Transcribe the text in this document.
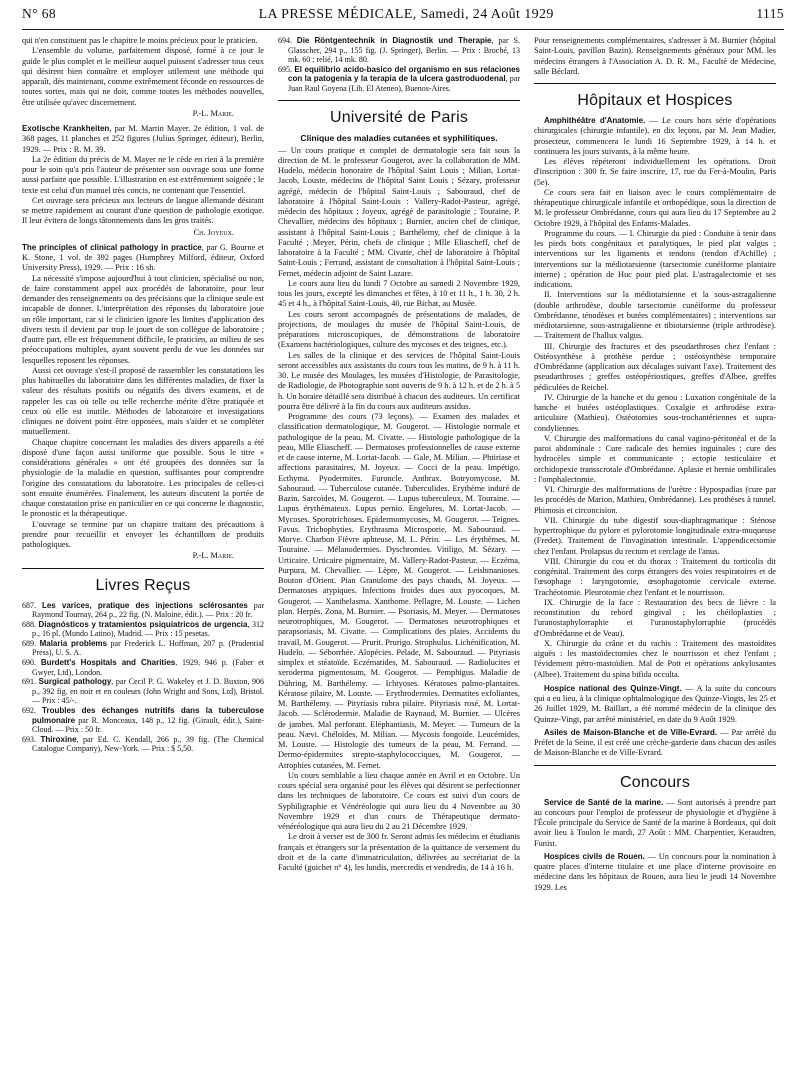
N° 68	LA PRESSE MÉDICALE, Samedi, 24 Août 1929	1115

qui n'en constituent pas le chapitre le moins précieux pour le praticien.

L'ensemble du volume, parfaitement disposé, formé à ce jour le guide le plus complet et le meilleur auquel puissent s'adresser tous ceux qui désirent bien connaître et employer utilement une méthode qui apparaît, dès maintenant, comme extrêmement féconde en ressources de toutes sortes, mais qui ne doit, comme toutes les méthodes nouvelles, être utilisée qu'avec discernement.

P.-L. Marie.

Exotische Krankheiten, par M. Martin Mayer. 2e édition, 1 vol. de 368 pages, 11 planches et 252 figures (Julius Springer, éditeur), Berlin, 1929. — Prix : R. M. 39.

La 2e édition du précis de M. Mayer ne le cède en rien à la première pour le soin qu'a pris l'auteur de présenter son ouvrage sous une forme aussi parfaite que possible. L'illustration en est extrêmement soignée ; le texte est celui d'un manuel très concis, ne contenant que l'essentiel.

Cet ouvrage sera précieux aux lecteurs de langue allemande désirant se mettre rapidement au courant d'une question de pathologie exotique. Il leur évitera de longs tâtonnements dans les gros traités.

Ch. Joyeux.

The principles of clinical pathology in practice, par G. Bourne et K. Stone, 1 vol. de 392 pages (Humphrey Milford, éditeur, Oxford University Press), 1929. — Prix : 16 sh.

La nécessité s'impose aujourd'hui à tout clinicien, spécialisé ou non, de faire constamment appel aux procédés de laboratoire, pour leur demander des renseignements ou des précisions que la clinique seule est incapable de donner. L'interprétation des réponses du laboratoire joue un rôle important, car si le clinicien ignore les limites d'application des divers tests il devient par trop le jouet de son collègue de laboratoire ; d'autre part, elle est fréquemment difficile, le praticien, au milieu de ses préoccupations multiples, ayant souvent perdu de vue les données sur lesquelles reposent les réponses.

Aussi cet ouvrage s'est-il proposé de rassembler les constatations les plus habituelles du laboratoire dans les différentes maladies, de fixer la valeur des résultats positifs ou négatifs des divers examens, et de rappeler les cas où telle ou telle recherche mérite d'être pratiquée et ceux où elle est inutile. Méthodes de laboratoire et investigations cliniques ne doivent point être opposées, mais s'aider et se compléter mutuellement.

Chaque chapitre concernant les maladies des divers appareils a été disposé d'une façon aussi uniforme que possible. Sous le titre « considérations générales » ont été groupées des données sur la physiologie de la maladie en question, suffisantes pour comprendre l'origine des constatations du laboratoire. Les principales de celles-ci sont ensuite énumérées. Finalement, les auteurs discutent la portée de chaque constatation prise en particulier en ce qui concerne le diagnostic, le pronostic et la thérapeutique.

L'ouvrage se termine par un chapitre traitant des précautions à prendre pour recueillir et envoyer les échantillons de produits pathologiques.

P.-L. Marie.
Livres Reçus
687. Les varices, pratique des injections sclérosantes par Raymond Tournay, 264 p., 22 fig. (N. Maloine, édit.). — Prix : 20 fr.
688. Diagnósticos y tratamientos psiquiatricos de urgencia, 312 p., 16 pl. (Mundo Latino), Madrid. — Prix : 15 pesetas.
689. Malaria problems par Frederick L. Hoffman, 207 p. (Prudential Press), U. S. A.
690. Burdett's Hospitals and Charities, 1929, 946 p. (Faber et Gwyer, Ltd), London.
691. Surgical pathology, par Cecil P. G. Wakeley et J. D. Buxton, 906 p., 392 fig. en noir et en couleurs (John Wright and Sons, Ltd), Bristol. — Prix : 45/-.
692. Troubles des échanges nutritifs dans la tuberculose pulmonaire par R. Monceaux, 148 p., 12 fig. (Girault, édit.), Saint-Cloud. — Prix : 50 fr.
693. Thiroxine, par Ed. C. Kendall, 266 p., 39 fig. (The Chemical Catalogue Company), New-York. — Prix : $ 5,50.
694. Die Röntgentechnik in Diagnostik und Therapie, par S. Glasscher, 294 p., 155 fig. (J. Springer), Berlin. — Prix : Broché, 13 mk. 60 ; relié, 14 mk. 80.
695. El equilibrio acido-basico del organismo en sus relaciones con la patogenia y la terapia de la ulcera gastroduodenal, par Juan Raul Goyena (Lib. El Ateneo), Buenos-Aires.
Université de Paris
Clinique des maladies cutanées et syphilitiques.

— Un cours pratique et complet de dermatologie sera fait sous la direction de M. le professeur Gougerot, avec la collaboration de MM. Hudelo, médecin honoraire de l'hôpital Saint Louis ; Milian, Lortat-Jacob, Louste, médecins de l'hôpital Saint Louis ; Sézary, professeur agrégé, médecin de l'hôpital Saint-Louis ; Sabouraud, chef de laboratoire à l'hôpital Saint-Louis : Vallery-Radot-Pasteur, agrégé, médecin des hôpitaux ; Joyeux, agrégé de parasitologie ; Touraine, P. Chevallier, médecins des hôpitaux ; Burnier, ancien chef de clinique, assistant à l'hôpital Saint-Louis ; Barthélemy, chef de clinique à la Faculté ; Meyer, Périn, chefs de clinique ; Mlle Eliascheff, chef de laboratoire à la Faculté ; MM. Civatte, chef de laboratoire à l'hôpital Saint-Louis ; Ferrand, assistant de consultation à l'hôpital Saint-Louis ; Fernet, médecin adjoint de Saint Lazare.

Le cours aura lieu du lundi 7 Octobre au samedi 2 Novembre 1929, tous les jours, excepté les dimanches et fêtes, à 10 et 11 h., 1 h. 30, 2 h. 45 et 4 h., à l'hôpital Saint-Louis, 40, rue Bichat, au Musée.

Les cours seront accompagnés de présentations de malades, de projections, de moulages du musée de l'hôpital Saint-Louis, de préparations microscopiques, de démonstrations de laboratoire (Examens bactériologiques, culture des mycoses et des teignes, etc.).

Les salles de la clinique et des services de l'hôpital Saint-Louis seront accessibles aux assistants du cours tous les matins, de 9 h. à 11 h. 30. Le musée des Moulages, les musées d'Histologie, de Parasitologie, de Radiologie, de Photographie sont ouverts de 9 h. à 12 h. et de 2 h. à 5 h. Un horaire détaillé sera distribué à chacun des auditeurs. Un certificat pourra être délivré à la fin du cours aux auditeurs assidus.

Programme des cours (73 leçons). — Examen des malades et classification dermatologique, M. Gougerot. — Histologie normale et pathologique de la peau, M. Civatte. — Histologie pathologique de la peau, Mlle Eliascheff. — Dermatoses professionnelles de cause externe et de cause interne, M. Lortat-Jacob. — Gale, M. Milian. — Phtiriase et affections parasitaires, M. Joyeux. — Cocci de la peau. Impétigo. Ecthyma. Pyodermites. Furoncle. Anthrax. Botryomycose, M. Sabouraud. — Tuberculose cutanée. Tuberculides. Erythème induré de Bazin. Sarcoïdes, M. Gougerot. — Lupus tuberculeux, M. Touraine. — Lupus érythémateux. Lupus pernio. Engelures, M. Lortat-Jacob. — Mycoses. Sporotrichoses. Epidermomycoses, M. Gougerot. — Teignes. Favus. Trichophyties. Erythrasma Microsporie, M. Sabouraud. — Morve. Charbon Fièvre aphteuse, M. L. Périn. — Les érythèmes, M. Touraine. — Mélanodermies. Dyschromies. Vitiligo, M. Sézary. — Urticaire. Urticaire pigmentaire, M. Vallery-Radot-Pasteur. — Eczéma, Purpura, M. Chevallier. — Lèpre, M. Gougerot. — Leishmanioses. Bouton d'Orient. Pian Granulome des pays chauds, M. Joyeux. — Dermatoses atypiques. Infections froides dues aux pyocoques, M. Gougerot. — Xanthelasma. Xanthome. Pellagre, M. Louste. — Lichen plan. Herpès. Zona, M. Burnier. — Psoriasis, M. Meyer. — Dermatoses neurotrophiques, M. Gougerot. — Dermatoses neurotrophiques et parapsoriasis, M. Civatte. — Complications des plaies. Accidents du travail, M. Gougerot. — Prurit. Prurigo. Strophulus. Lichénification, M. Hudelo. — Séborrhée. Alopécies. Pelade, M. Sabouraud. — Pityriasis simplex et stéatoïde. Eczématides, M. Sabouraud. — Radiolucites et xeroderma pigmentosum, M. Gougerot. — Pemphigus. Maladie de Dühring, M. Barthélemy. — Ichtyoses. Kératoses palmo-plantaires. Kératose pilaire, M. Louste. — Erythrodermies. Dermatites exfoliantes, M. Barthélemy. — Pityriasis rubra pilaire. Pityriasis rosé, M. Lortat-Jacob. — Sclérodermie. Maladie de Raynaud, M. Burnier. — Ulcères de jambes. Mal perforant. Eléphantiasis, M. Meyer. — Tumeurs de la peau. Nævi. Chéloïdes, M. Milian. — Mycosis fongoïde. Leucémides, M. Louste. — Histologie des tumeurs de la peau, M. Ferrand. — Dermo-épidermites strepto-staphylococciques, M. Gougerot. — Atrophies cutanées, M. Fernet.

Un cours semblable a lieu chaque année en Avril et en Octobre. Un cours spécial sera organisé pour les élèves qui désirent se perfectionner dans les techniques de laboratoire. Ce cours est suivi d'un cours de Syphiligraphie et Vénéréologie qui aura lieu du 4 Novembre au 30 Novembre 1929 et d'un cours de Thérapeutique dermato-vénéréologique qui aura lieu du 2 au 21 Décembre 1929.

Le droit à verser est de 300 fr. Seront admis les médecins et étudiants français et étrangers sur la présentation de la quittance de versement du droit et de la carte d'immatriculation, délivrées au secrétariat de la Faculté (guichet n° 4), les lundis, mercredis et vendredis, de 14 à 16 h.

Pour renseignements complémentaires, s'adresser à M. Burnier (hôpital Saint-Louis, pavillon Bazin). Renseignements généraux pour MM. les médecins étrangers à l'Association A. D. R. M., Faculté de Médecine, salle Béclard.

Hôpitaux et Hospices

Amphithéâtre d'Anatomie. — Le cours hors série d'opérations chirurgicales (chirurgie infantile), en dix leçons, par M. Jean Madier, prosecteur, commencera le lundi 16 Septembre 1929, à 14 h. et continuera les jours suivants, à la même heure.

Les élèves répéteront individuellement les opérations. Droit d'inscription : 300 fr. Se faire inscrire, 17, rue du Fer-à-Moulin, Paris (5e).

Ce cours sera fait en liaison avec le cours complémentaire de thérapeutique chirurgicale infantile et orthopédique, sous la direction de M. le professeur Ombrédanne, cours qui aura lieu du 17 Septembre au 2 Octobre 1929, à l'hôpital des Enfants-Malades.

Programme du cours. — I. Chirurgie du pied : Conduite à tenir dans les pieds bots congénitaux et paralytiques, le pied plat valgus ; interventions sur les ligaments et tendons (tendon d'Achille) ; interventions sur la médiotarsienne (tarsectomie cunéiforme plantaire interne) ; opération de Huc pour pied plat. L'astragalectomie et ses indications.

II. Interventions sur la médiotarsienne et la sous-astragalienne (double arthrodèse, double tarsectomie cunéiforme du professeur Ombrédanne, ténodèses et butées complémentaires) ; interventions sur médiotarsienne, sous-astragalienne et tibiotarsienne (triple arthrodèse). — Traitement de l'hallux valgus.

III. Chirurgie des fractures et des pseudarthroses chez l'enfant : Ostéosynthèse à prothèse perdue ; ostéosynthèse temporaire d'Ombrédanne (application aux décalages suivant l'axe). Traitement des pseudarthroses ; greffes ostéopériostiques, greffes d'Albee, greffes pédiculées de Reichel.

IV. Chirurgie de la hanche et du genou : Luxation congénitale de la hanche et butées ostéoplastiques. Coxalgie et arthrodèse extra-articulaire (Mathieu). Ostéotomies sous-trochantériennes et supra-condyliennes.

V. Chirurgie des malformations du canal vagino-péritonéal et de la paroi abdominale : Cure radicale des hernies inguinales ; cure des hydrocèles simple et communicante ; ectopie testiculaire et orchidopexie transscrotale d'Ombrédanne. Aplasie et hernie ombilicales : l'omphalectomie.

VI. Chirurgie des malformations de l'urètre : Hypospadias (cure par les procédés de Marion, Mathieu, Ombrédanne). Les prothèses à tunnel. Phimosis et circoncision.

VII. Chirurgie du tube digestif sous-diaphragmatique : Sténose hypertrophique du pylore et pylorotomie longitudinale extra-muqueuse (Fredet). Traitement de l'invagination intestinale. L'appendicectomie chez l'enfant. Prolapsus du rectum et cerclage de l'anus.

VIII. Chirurgie du cou et du thorax : Traitement du torticolis dit congénital. Traitement des corps étrangers des voies respiratoires et de l'œsophage : laryngotomie, œsophagotomie cervicale externe. Trachéotomie. Pleurotomie chez l'enfant et le nourrisson.

IX. Chirurgie de la face : Restauration des becs de lièvre : la reconstitution du rebord gingival ; les chéiloplasties ; l'uranostaphylorraphie et l'uranostaphylorraphie (procédés d'Ombrédanne et de Veau).

X. Chirurgie du crâne et du rachis : Traitement des mastoïdites aiguës : les mastoïdectomies chez le nourrisson et chez l'enfant ; l'évidement pétro-mastoïdien. Mal de Pott et opérations ankylosantes (Albee). Traitement du spina bifida occulta.

Hospice national des Quinze-Vingt. — A la suite du concours qui a eu lieu, à la clinique ophtalmologique des Quinze-Vingts, les 25 et 26 Juillet 1929, M. Baillart, a été nommé médecin de la clinique des Quinze-Vingt, par arrêté ministériel, en date du 9 Août 1929.

Asiles de Maison-Blanche et de Ville-Evrard. — Par arrêté du Préfet de la Seine, il est créé une crèche-garderie dans chacun des asiles de Maison-Blanche et de Ville-Evrard.

Concours

Service de Santé de la marine. — Sont autorisés à prendre part au concours pour l'emploi de professeur de physiologie et d'hygiène à l'École principale du Service de Santé de la marine à Bordeaux, qui doit avoir lieu à Toulon le mardi, 27 Août : MM. Charpentier, Keraudren, Funist.

Hospices civils de Rouen. — Un concours pour la nomination à quatre places d'interne titulaire et une place d'interne provisoire en médecine dans les hôpitaux de Rouen, aura lieu le jeudi 14 Novembre 1929. Les
